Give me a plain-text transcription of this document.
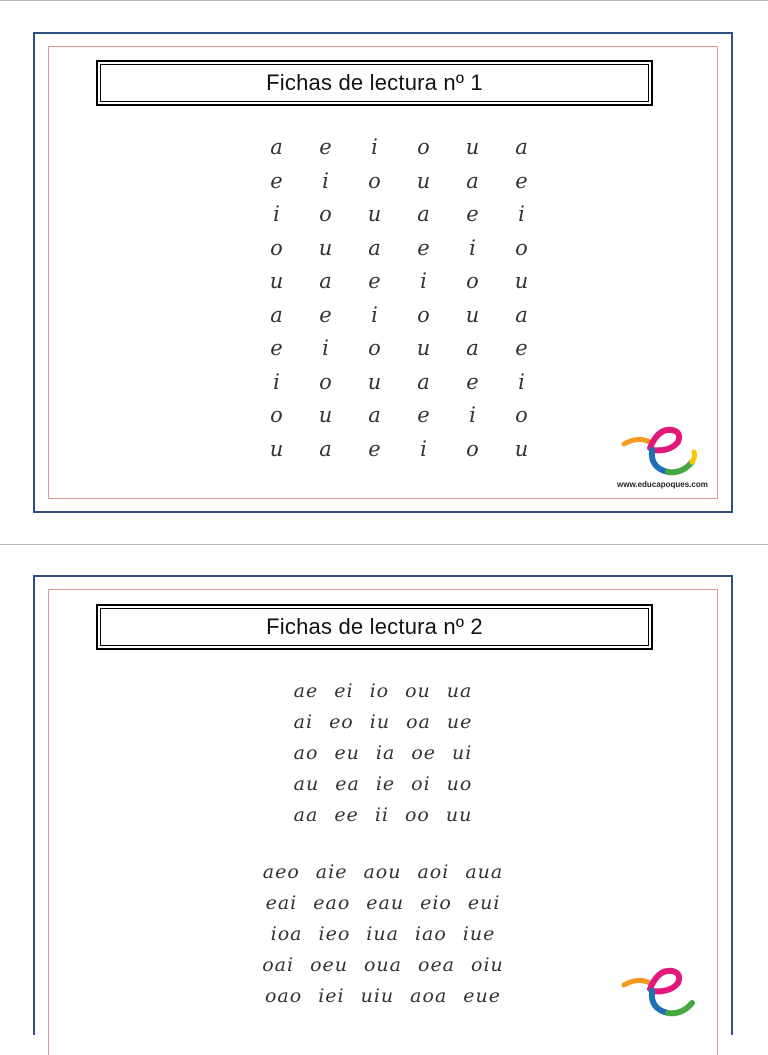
Fichas de lectura nº 1
a	e	i	o	u	a
e	i	o	u	a	e
i	o	u	a	e	i
o	u	a	e	i	o
u	a	e	i	o	u
a	e	i	o	u	a
e	i	o	u	a	e
i	o	u	a	e	i
o	u	a	e	i	o
u	a	e	i	o	u
www.educapoques.com
Fichas de lectura nº 2
ae ei io ou ua
ai eo iu oa ue
ao eu ia oe ui
au ea ie oi uo
aa ee ii oo uu
aeo aie aou aoi aua
eai eao eau eio eui
ioa ieo iua iao iue
oai oeu oua oea oiu
oao iei uiu aoa eue
